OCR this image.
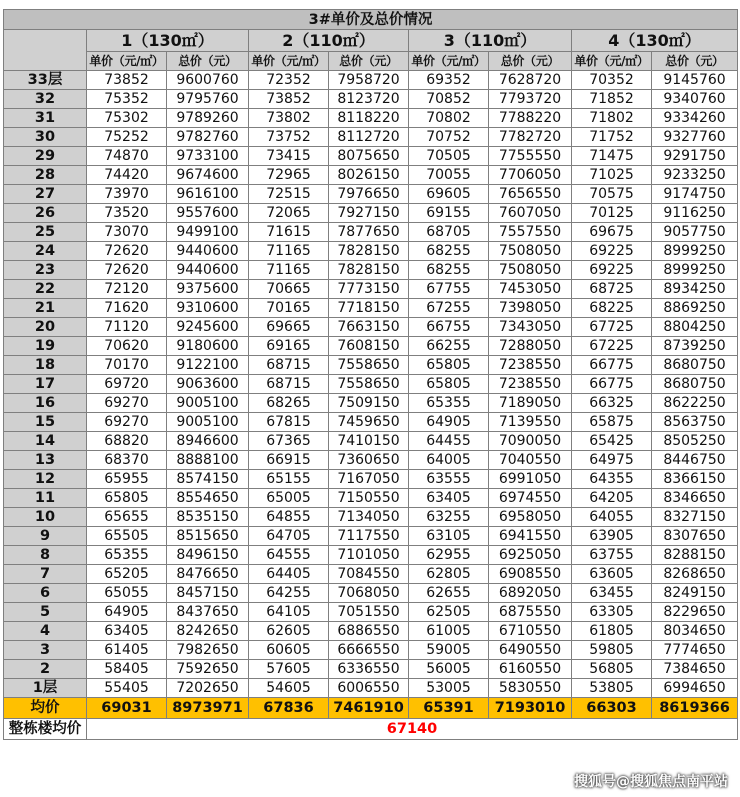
3#单价及总价情况								
	1（130㎡）		2（110㎡）		3（110㎡）		4（130㎡）	
	单价（元/㎡）	总价（元）	单价（元/㎡）	总价（元）	单价（元/㎡）	总价（元）	单价（元/㎡）	总价（元）
33层	73852	9600760	72352	7958720	69352	7628720	70352	9145760
32	75352	9795760	73852	8123720	70852	7793720	71852	9340760
31	75302	9789260	73802	8118220	70802	7788220	71802	9334260
30	75252	9782760	73752	8112720	70752	7782720	71752	9327760
29	74870	9733100	73415	8075650	70505	7755550	71475	9291750
28	74420	9674600	72965	8026150	70055	7706050	71025	9233250
27	73970	9616100	72515	7976650	69605	7656550	70575	9174750
26	73520	9557600	72065	7927150	69155	7607050	70125	9116250
25	73070	9499100	71615	7877650	68705	7557550	69675	9057750
24	72620	9440600	71165	7828150	68255	7508050	69225	8999250
23	72620	9440600	71165	7828150	68255	7508050	69225	8999250
22	72120	9375600	70665	7773150	67755	7453050	68725	8934250
21	71620	9310600	70165	7718150	67255	7398050	68225	8869250
20	71120	9245600	69665	7663150	66755	7343050	67725	8804250
19	70620	9180600	69165	7608150	66255	7288050	67225	8739250
18	70170	9122100	68715	7558650	65805	7238550	66775	8680750
17	69720	9063600	68715	7558650	65805	7238550	66775	8680750
16	69270	9005100	68265	7509150	65355	7189050	66325	8622250
15	69270	9005100	67815	7459650	64905	7139550	65875	8563750
14	68820	8946600	67365	7410150	64455	7090050	65425	8505250
13	68370	8888100	66915	7360650	64005	7040550	64975	8446750
12	65955	8574150	65155	7167050	63555	6991050	64355	8366150
11	65805	8554650	65005	7150550	63405	6974550	64205	8346650
10	65655	8535150	64855	7134050	63255	6958050	64055	8327150
9	65505	8515650	64705	7117550	63105	6941550	63905	8307650
8	65355	8496150	64555	7101050	62955	6925050	63755	8288150
7	65205	8476650	64405	7084550	62805	6908550	63605	8268650
6	65055	8457150	64255	7068050	62655	6892050	63455	8249150
5	64905	8437650	64105	7051550	62505	6875550	63305	8229650
4	63405	8242650	62605	6886550	61005	6710550	61805	8034650
3	61405	7982650	60605	6666550	59005	6490550	59805	7774650
2	58405	7592650	57605	6336550	56005	6160550	56805	7384650
1层	55405	7202650	54605	6006550	53005	5830550	53805	6994650
均价	69031	8973971	67836	7461910	65391	7193010	66303	8619366
整栋楼均价	67140							
搜狐号@搜狐焦点南平站
